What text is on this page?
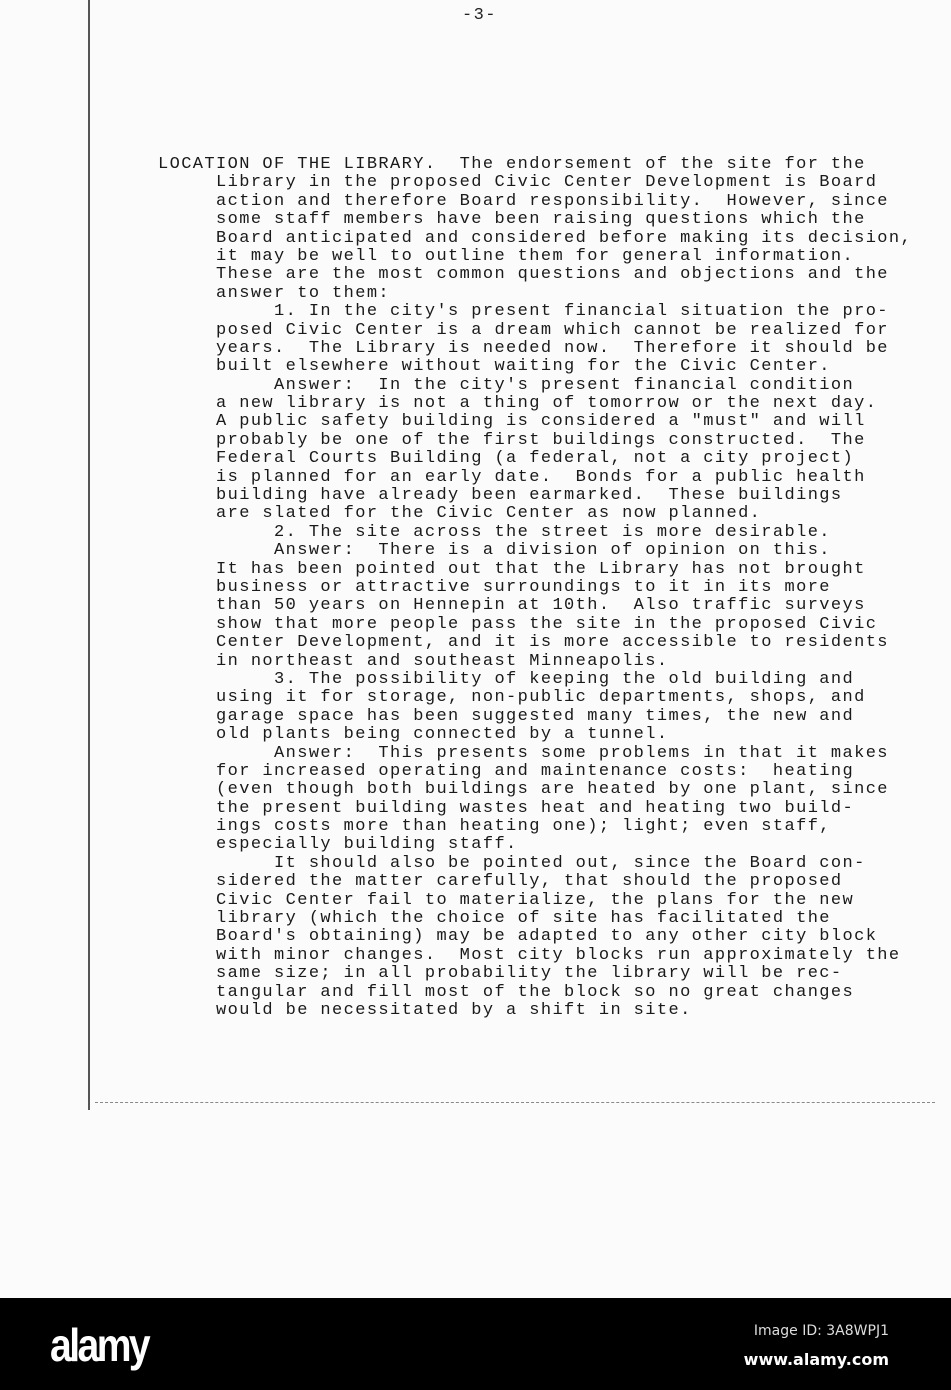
-3-
LOCATION OF THE LIBRARY.  The endorsement of the site for the
Library in the proposed Civic Center Development is Board
action and therefore Board responsibility.  However, since
some staff members have been raising questions which the
Board anticipated and considered before making its decision,
it may be well to outline them for general information.
These are the most common questions and objections and the
answer to them:
1. In the city's present financial situation the pro-
posed Civic Center is a dream which cannot be realized for
years.  The Library is needed now.  Therefore it should be
built elsewhere without waiting for the Civic Center.
Answer:  In the city's present financial condition
a new library is not a thing of tomorrow or the next day.
A public safety building is considered a "must" and will
probably be one of the first buildings constructed.  The
Federal Courts Building (a federal, not a city project)
is planned for an early date.  Bonds for a public health
building have already been earmarked.  These buildings
are slated for the Civic Center as now planned.
2. The site across the street is more desirable.
Answer:  There is a division of opinion on this.
It has been pointed out that the Library has not brought
business or attractive surroundings to it in its more
than 50 years on Hennepin at 10th.  Also traffic surveys
show that more people pass the site in the proposed Civic
Center Development, and it is more accessible to residents
in northeast and southeast Minneapolis.
3. The possibility of keeping the old building and
using it for storage, non-public departments, shops, and
garage space has been suggested many times, the new and
old plants being connected by a tunnel.
Answer:  This presents some problems in that it makes
for increased operating and maintenance costs:  heating
(even though both buildings are heated by one plant, since
the present building wastes heat and heating two build-
ings costs more than heating one); light; even staff,
especially building staff.
It should also be pointed out, since the Board con-
sidered the matter carefully, that should the proposed
Civic Center fail to materialize, the plans for the new
library (which the choice of site has facilitated the
Board's obtaining) may be adapted to any other city block
with minor changes.  Most city blocks run approximately the
same size; in all probability the library will be rec-
tangular and fill most of the block so no great changes
would be necessitated by a shift in site.
alamy	Image ID: 3A8WPJ1
www.alamy.com
